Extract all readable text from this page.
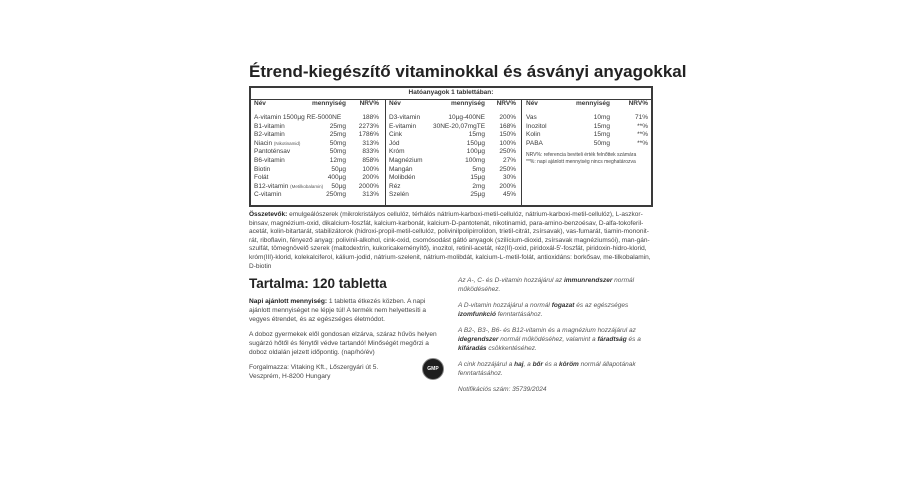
Étrend-kiegészítő vitaminokkal és ásványi anyagokkal
Hatóanyagok 1 tablettában:
Név	mennyiség	NRV%
A-vitamin 1500µg RE-5000NE	188%
B1-vitamin	25mg	2273%
B2-vitamin	25mg	1786%
Niacin (Nikotinamid)	50mg	313%
Pantoténsav	50mg	833%
B6-vitamin	12mg	858%
Biotin	50µg	100%
Folát	400µg	200%
B12-vitamin (Metilkobalamin)	50µg	2000%
C-vitamin	250mg	313%
Név	mennyiség	NRV%
D3-vitamin	10µg-400NE	200%
E-vitamin	30NE-20,07mgTE	168%
Cink	15mg	150%
Jód	150µg	100%
Króm	100µg	250%
Magnézium	100mg	27%
Mangán	5mg	250%
Molibdén	15µg	30%
Réz	2mg	200%
Szelén	25µg	45%
Név	mennyiség	NRV%
Vas	10mg	71%
Inozitol	15mg	**%
Kolin	15mg	**%
PABA	50mg	**%
NRV%: referencia beviteli érték felnőttek számára
**%: napi ajánlott mennyiség nincs meghatározva
Összetevők: emulgeálószerek (mikrokristályos cellulóz, térhálós nátrium-karboxi-metil-cellulóz, nátrium-karboxi-metil-cellulóz), L-aszkor-binsav, magnézium-oxid, dikalcium-foszfát, kalcium-karbonát, kalcium-D-pantotenát, nikotinamid, para-amino-benzoésav, D-alfa-tokoferil-acetát, kolin-bitartarát, stabilizátorok (hidroxi-propil-metil-cellulóz, polivinilpolipirrolidon, trietil-citrát, zsírsavak), vas-fumarát, tiamin-mononit-rát, riboflavin, fényező anyag: polivinil-alkohol, cink-oxid, csomósodást gátló anyagok (szilícium-dioxid, zsírsavak magnéziumsói), man-gán-szulfát, tömegnövelő szerek (maltodextrin, kukoricakeményítő), inozitol, retinil-acetát, réz(II)-oxid, piridoxál-5'-foszfát, piridoxin-hidro-klorid, króm(III)-klorid, kolekalciferol, kálium-jodid, nátrium-szelenit, nátrium-molibdát, kalcium-L-metil-folát, antioxidáns: borkősav, me-tilkobalamin, D-biotin
Tartalma: 120 tabletta

Napi ajánlott mennyiség: 1 tabletta étkezés közben. A napi ajánlott mennyiséget ne lépje túl! A termék nem helyettesíti a vegyes étrendet, és az egészséges életmódot.

A doboz gyermekek elől gondosan elzárva, száraz hűvös helyen sugárzó hőtől és fénytől védve tartandó! Minőségét megőrzi a doboz oldalán jelzett időpontig. (nap/hó/év)

Forgalmazza: Vitaking Kft., Lőszergyári út 5. Veszprém, H-8200 Hungary

GMP

Az A-, C- és D-vitamin hozzájárul az immunrendszer normál működéséhez.

A D-vitamin hozzájárul a normál fogazat és az egészséges izomfunkció fenntartásához.

A B2-, B3-, B6- és B12-vitamin és a magnézium hozzájárul az idegrendszer normál működéséhez, valamint a fáradtság és a kifáradás csökkentéséhez.

A cink hozzájárul a haj, a bőr és a köröm normál állapotának fenntartásához.

Notifikációs szám: 35739/2024
